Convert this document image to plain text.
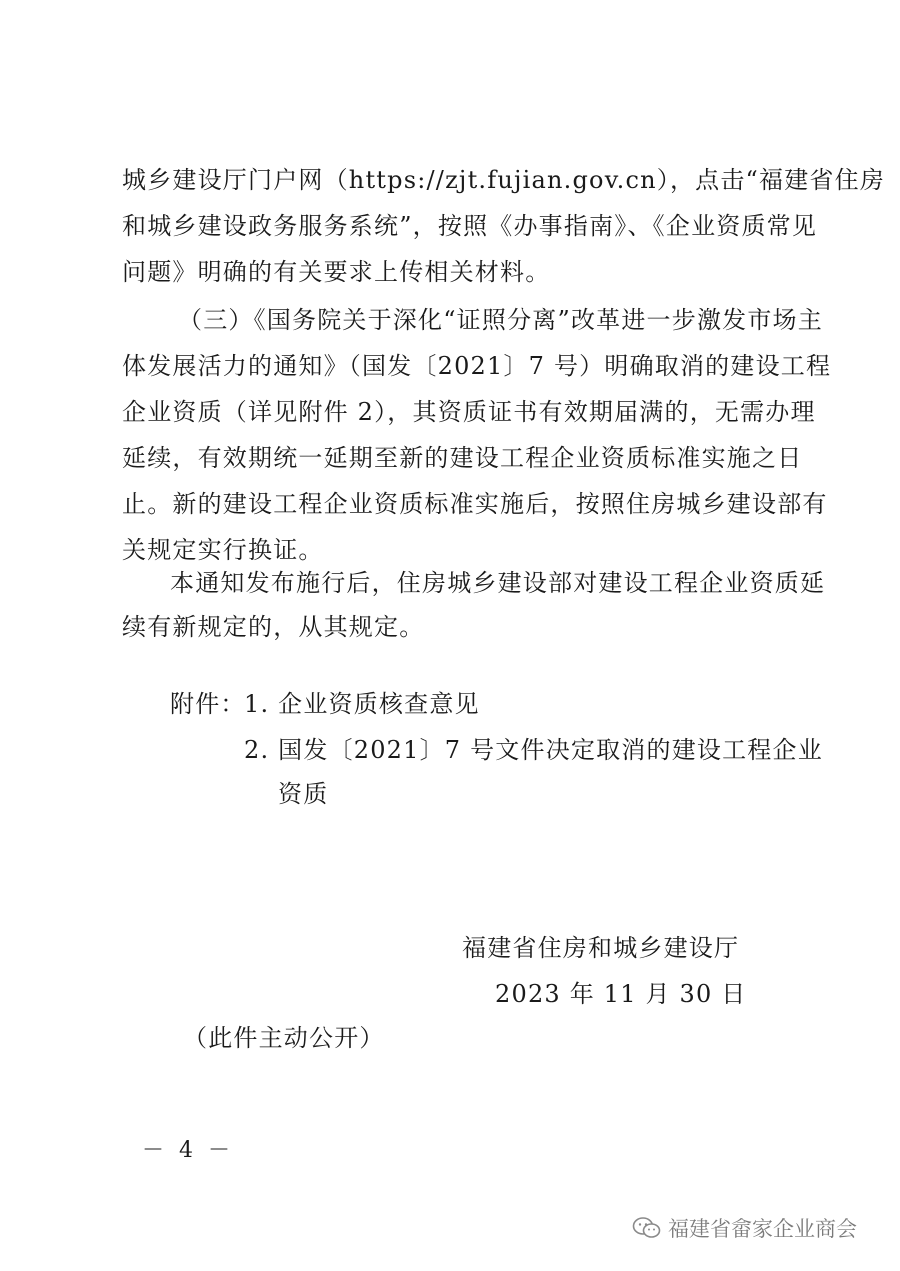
城乡建设厅门户网（https://zjt.fujian.gov.cn），点击“福建省住房
和城乡建设政务服务系统”，按照《办事指南》、《企业资质常见
问题》明确的有关要求上传相关材料。
（三）《国务院关于深化“证照分离”改革进一步激发市场主
体发展活力的通知》（国发〔2021〕7 号）明确取消的建设工程
企业资质（详见附件 2），其资质证书有效期届满的，无需办理
延续，有效期统一延期至新的建设工程企业资质标准实施之日
止。新的建设工程企业资质标准实施后，按照住房城乡建设部有
关规定实行换证。
本通知发布施行后，住房城乡建设部对建设工程企业资质延
续有新规定的，从其规定。
附件：
1. 企业资质核查意见
2. 国发〔2021〕7 号文件决定取消的建设工程企业
资质
福建省住房和城乡建设厅
2023 年 11 月 30 日
（此件主动公开）
－ 4 －
福建省畲家企业商会
